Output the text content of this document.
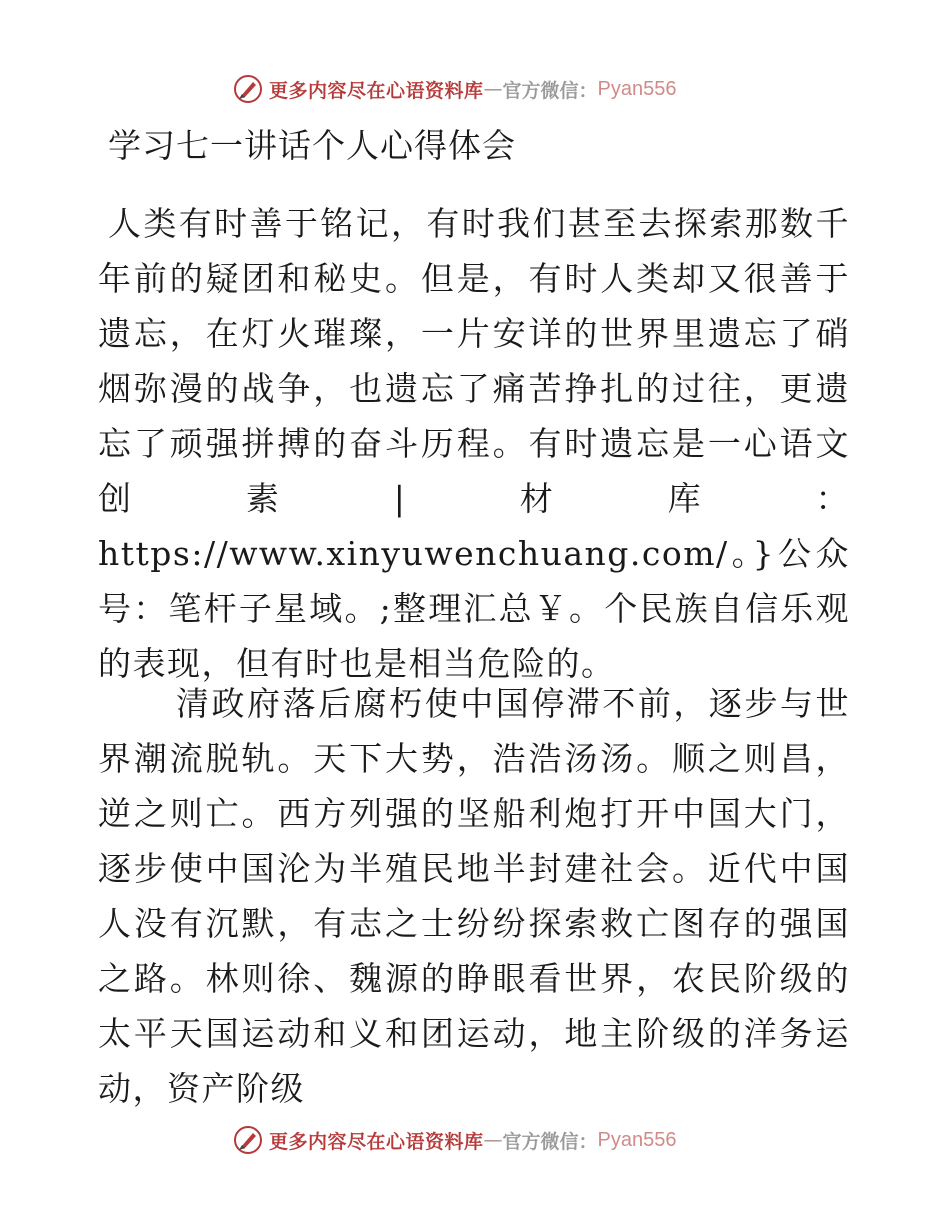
更多内容尽在心语资料库 — 官方微信： Pyan556
学习七一讲话个人心得体会

人类有时善于铭记，有时我们甚至去探索那数千年前的疑团和秘史。但是，有时人类却又很善于遗忘，在灯火璀璨，一片安详的世界里遗忘了硝烟弥漫的战争，也遗忘了痛苦挣扎的过往，更遗忘了顽强拼搏的奋斗历程。有时遗忘是一心语文创素|材库：https://www.xinyuwenchuang.com/。}公众号：笔杆子星域。;整理汇总￥。个民族自信乐观的表现，但有时也是相当危险的。

清政府落后腐朽使中国停滞不前，逐步与世界潮流脱轨。天下大势，浩浩汤汤。顺之则昌，逆之则亡。西方列强的坚船利炮打开中国大门，逐步使中国沦为半殖民地半封建社会。近代中国人没有沉默，有志之士纷纷探索救亡图存的强国之路。林则徐、魏源的睁眼看世界，农民阶级的太平天国运动和义和团运动，地主阶级的洋务运动，资产阶级

更多内容尽在心语资料库 — 官方微信： Pyan556
